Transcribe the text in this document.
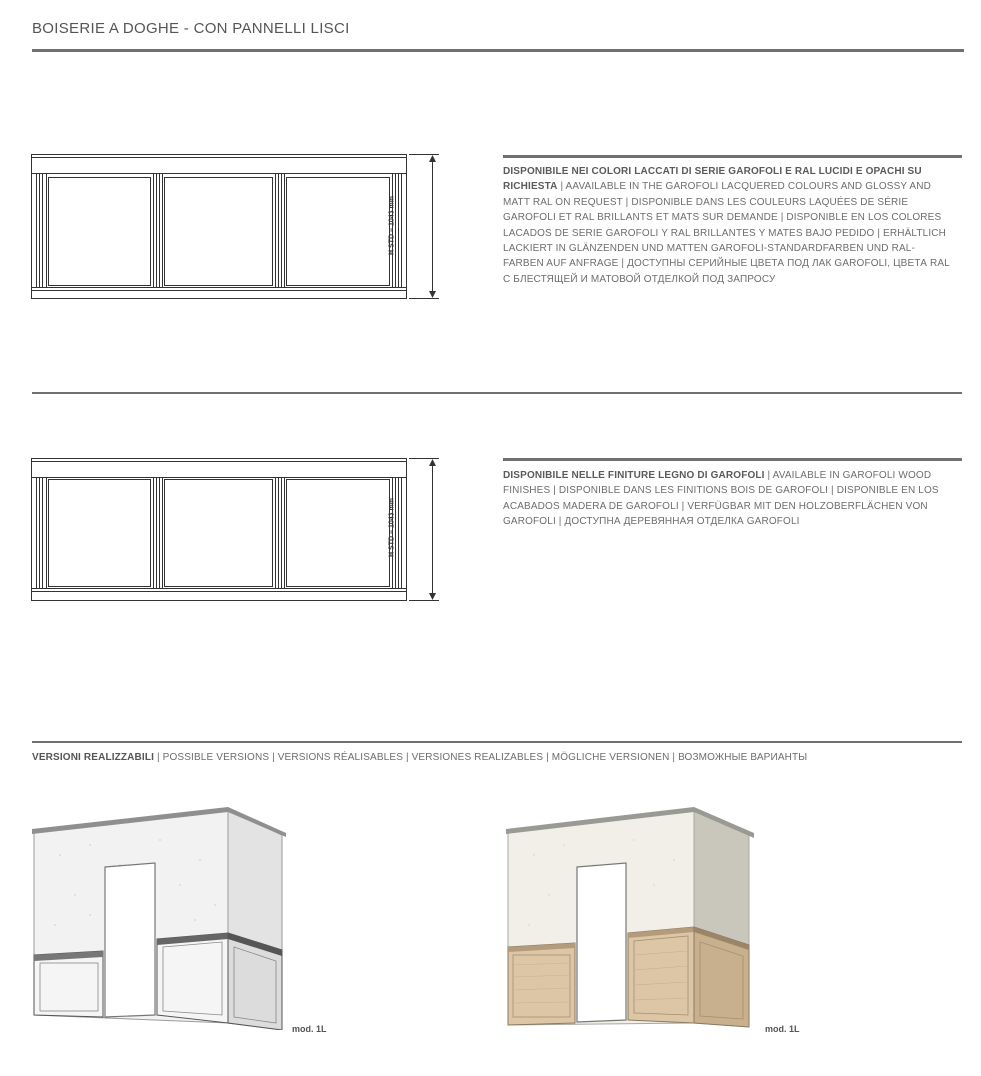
BOISERIE A DOGHE - CON PANNELLI LISCI
H STD = 1043 mm
DISPONIBILE NEI COLORI LACCATI DI SERIE GAROFOLI E RAL LUCIDI E OPACHI SU RICHIESTA | AAVAILABLE IN THE GAROFOLI LACQUERED COLOURS AND GLOSSY AND MATT RAL ON REQUEST | DISPONIBLE DANS LES COULEURS LAQUÉES DE SÉRIE GAROFOLI ET RAL BRILLANTS ET MATS SUR DEMANDE | DISPONIBLE EN LOS COLORES LACADOS DE SERIE GAROFOLI Y RAL BRILLANTES Y MATES BAJO PEDIDO | ERHÄLTLICH LACKIERT IN GLÄNZENDEN UND MATTEN GAROFOLI-STANDARDFARBEN UND RAL-FARBEN AUF ANFRAGE | ДОСТУПНЫ СЕРИЙНЫЕ ЦВЕТА ПОД ЛАК GAROFOLI, ЦВЕТА RAL С БЛЕСТЯЩЕЙ И МАТОВОЙ ОТДЕЛКОЙ ПОД ЗАПРОСУ
H STD = 1043 mm
DISPONIBILE NELLE FINITURE LEGNO DI GAROFOLI | AVAILABLE IN GAROFOLI WOOD FINISHES | DISPONIBLE DANS LES FINITIONS BOIS DE GAROFOLI | DISPONIBLE EN LOS ACABADOS MADERA DE GAROFOLI | VERFÜGBAR MIT DEN HOLZOBERFLÄCHEN VON GAROFOLI | ДОСТУПНА ДЕРЕВЯННАЯ ОТДЕЛКА GAROFOLI
VERSIONI REALIZZABILI | POSSIBLE VERSIONS | VERSIONS RÉALISABLES | VERSIONES REALIZABLES | MÖGLICHE VERSIONEN | ВОЗМОЖНЫЕ ВАРИАНТЫ
mod. 1L	mod. 1L
